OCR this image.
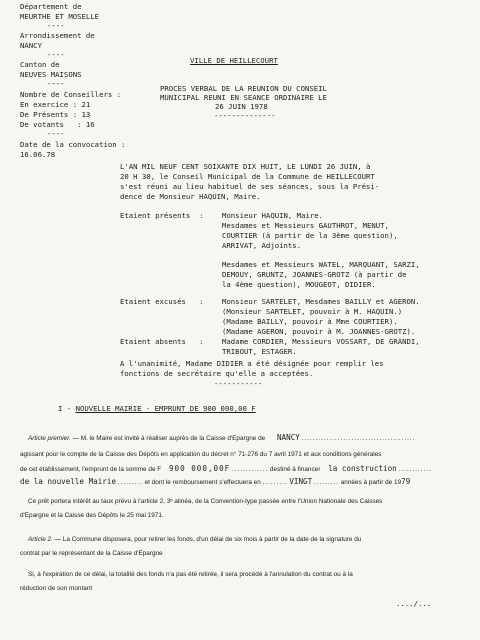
Département de
MEURTHE ET MOSELLE
----
Arrondissement de
NANCY
----
Canton de
NEUVES MAISONS
----
Nombre de Conseillers :
En exercice : 21
De Présents : 13
De votants   : 16
----
Date de la convocation :
16.06.78
VILLE DE HEILLECOURT
PROCES VERBAL DE LA REUNION DU CONSEIL
MUNICIPAL REUNI EN SEANCE ORDINAIRE LE
26 JUIN 1978
--------------
L'AN MIL NEUF CENT SOIXANTE DIX HUIT, LE LUNDI 26 JUIN, à
20 H 30, le Conseil Municipal de la Commune de HEILLECOURT
s'est réuni au lieu habituel de ses séances, sous la Prési-
dence de Monsieur HAQUIN, Maire.
Etaient présents  :	Monsieur HAQUIN, Maire.
Mesdames et Messieurs GAUTHROT, MENUT,
COURTIER (à partir de la 3ème question),
ARRIVAT, Adjoints.
Mesdames et Messieurs WATEL, MARQUANT, SARZI,
DEMOUY, GRUNTZ, JOANNES-GROTZ (à partir de
la 4ème question), MOUGEOT, DIDIER.
Etaient excusés   :	Monsieur SARTELET, Mesdames BAILLY et AGERON.
(Monsieur SARTELET, pouvoir à M. HAQUIN.)
(Madame BAILLY, pouvoir à Mme COURTIER).
(Madame AGERON, pouvoir à M. JOANNES-GROTZ).
Etaient absents   :	Madame CORDIER, Messieurs VOSSART, DE GRANDI,
TRIBOUT, ESTAGER.
A l'unanimité, Madame DIDIER a été désignée pour remplir les
fonctions de secrétaire qu'elle a acceptées.
-----------
I - NOUVELLE MAIRIE - EMPRUNT DE 900 000,00 F
Article premier. — M. le Maire est invité à réaliser auprès de la Caisse d'Epargne de NANCY .........................................
agissant pour le compte de la Caisse des Dépôts en application du décret n° 71-276 du 7 avril 1971 et aux conditions générales
de cet établissement, l'emprunt de la somme de F 900 000,00F ............. destiné à financer la construction ............
de la nouvelle Mairie ......... et dont le remboursement s'effectuera en ......... VINGT ......... années à partir de 1979
Ce prêt portera intérêt au taux prévu à l'article 2, 3ᵉ alinéa, de la Convention-type passée entre l'Union Nationale des Caisses
d'Epargne et la Caisse des Dépôts le 25 mai 1971.
Article 2. — La Commune disposera, pour retirer les fonds, d'un délai de six mois à partir de la date de la signature du
contrat par le représentant de la Caisse d'Epargne
Si, à l'expiration de ce délai, la totalité des fonds n'a pas été retirée, il sera procédé à l'annulation du contrat ou à la
réduction de son montant
..../...
